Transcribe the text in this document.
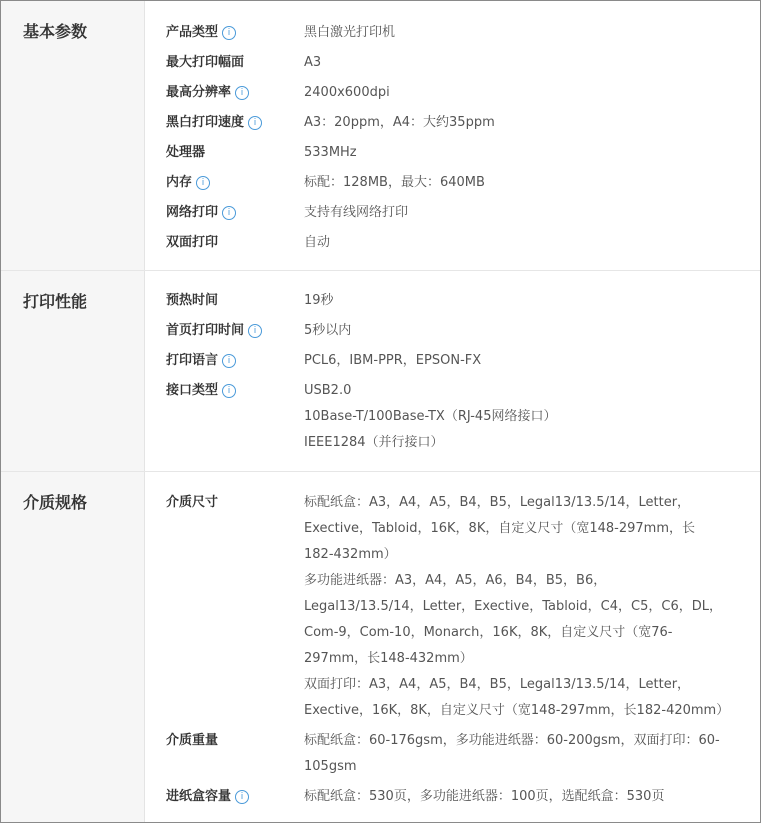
基本参数	产品类型 i	黑白激光打印机
最大打印幅面	A3
最高分辨率 i	2400x600dpi
黑白打印速度 i	A3：20ppm，A4：大约35ppm
处理器	533MHz
内存 i	标配：128MB，最大：640MB
网络打印 i	支持有线网络打印
双面打印	自动
打印性能	预热时间	19秒
首页打印时间 i	5秒以内
打印语言 i	PCL6，IBM-PPR，EPSON-FX
接口类型 i	USB2.0
10Base-T/100Base-TX（RJ-45网络接口）
IEEE1284（并行接口）
介质规格	介质尺寸	标配纸盒：A3，A4，A5，B4，B5，Legal13/13.5/14，Letter，
Exective，Tabloid，16K，8K，自定义尺寸（宽148-297mm，长
182-432mm）
多功能进纸器：A3，A4，A5，A6，B4，B5，B6，
Legal13/13.5/14，Letter，Exective，Tabloid，C4，C5，C6，DL，
Com-9，Com-10，Monarch，16K，8K，自定义尺寸（宽76-
297mm，长148-432mm）
双面打印：A3，A4，A5，B4，B5，Legal13/13.5/14，Letter，
Exective，16K，8K，自定义尺寸（宽148-297mm，长182-420mm）
介质重量	标配纸盒：60-176gsm，多功能进纸器：60-200gsm，双面打印：60-
105gsm
进纸盒容量 i	标配纸盒：530页，多功能进纸器：100页，选配纸盒：530页
